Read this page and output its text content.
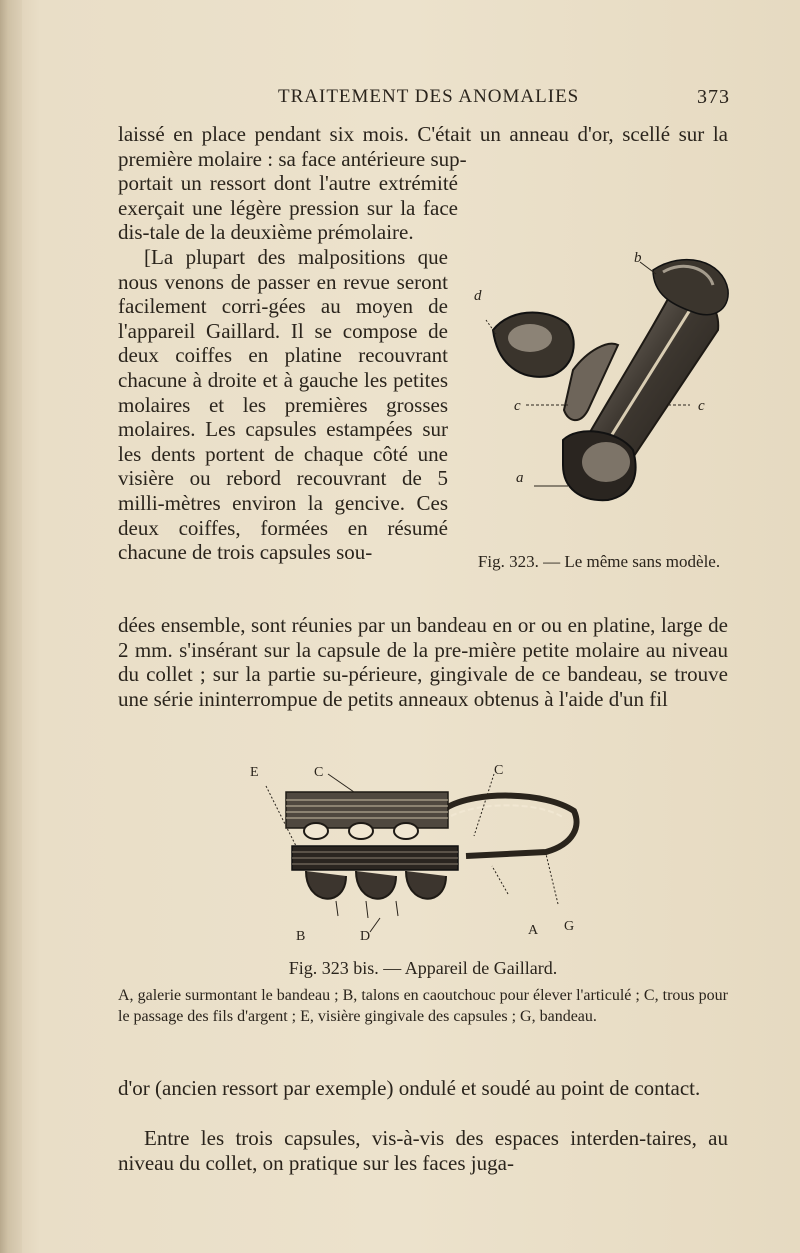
TRAITEMENT DES ANOMALIES	373

laissé en place pendant six mois. C'était un anneau d'or, scellé sur la première molaire : sa face antérieure sup-

portait un ressort dont l'autre extrémité exerçait une légère pression sur la face dis-tale de la deuxième prémolaire.

[La plupart des malpositions que nous venons de passer en revue seront facilement corri-gées au moyen de l'appareil Gaillard. Il se compose de deux coiffes en platine recouvrant chacune à droite et à gauche les petites molaires et les premières grosses molaires. Les capsules estampées sur les dents portent de chaque côté une visière ou rebord recouvrant de 5 milli-mètres environ la gencive. Ces deux coiffes, formées en résumé chacune de trois capsules sou-

dées ensemble, sont réunies par un bandeau en or ou en platine, large de 2 mm. s'insérant sur la capsule de la pre-mière petite molaire au niveau du collet ; sur la partie su-périeure, gingivale de ce bandeau, se trouve une série ininterrompue de petits anneaux obtenus à l'aide d'un fil

b
d
c	c
a
Fig. 323. — Le même sans modèle.
E	C	C
B	D	A G
Fig. 323 bis. — Appareil de Gaillard.
A, galerie surmontant le bandeau ; B, talons en caoutchouc pour élever l'articulé ; C, trous pour le passage des fils d'argent ; E, visière gingivale des capsules ; G, bandeau.

d'or (ancien ressort par exemple) ondulé et soudé au point de contact.

Entre les trois capsules, vis-à-vis des espaces interden-taires, au niveau du collet, on pratique sur les faces juga-
